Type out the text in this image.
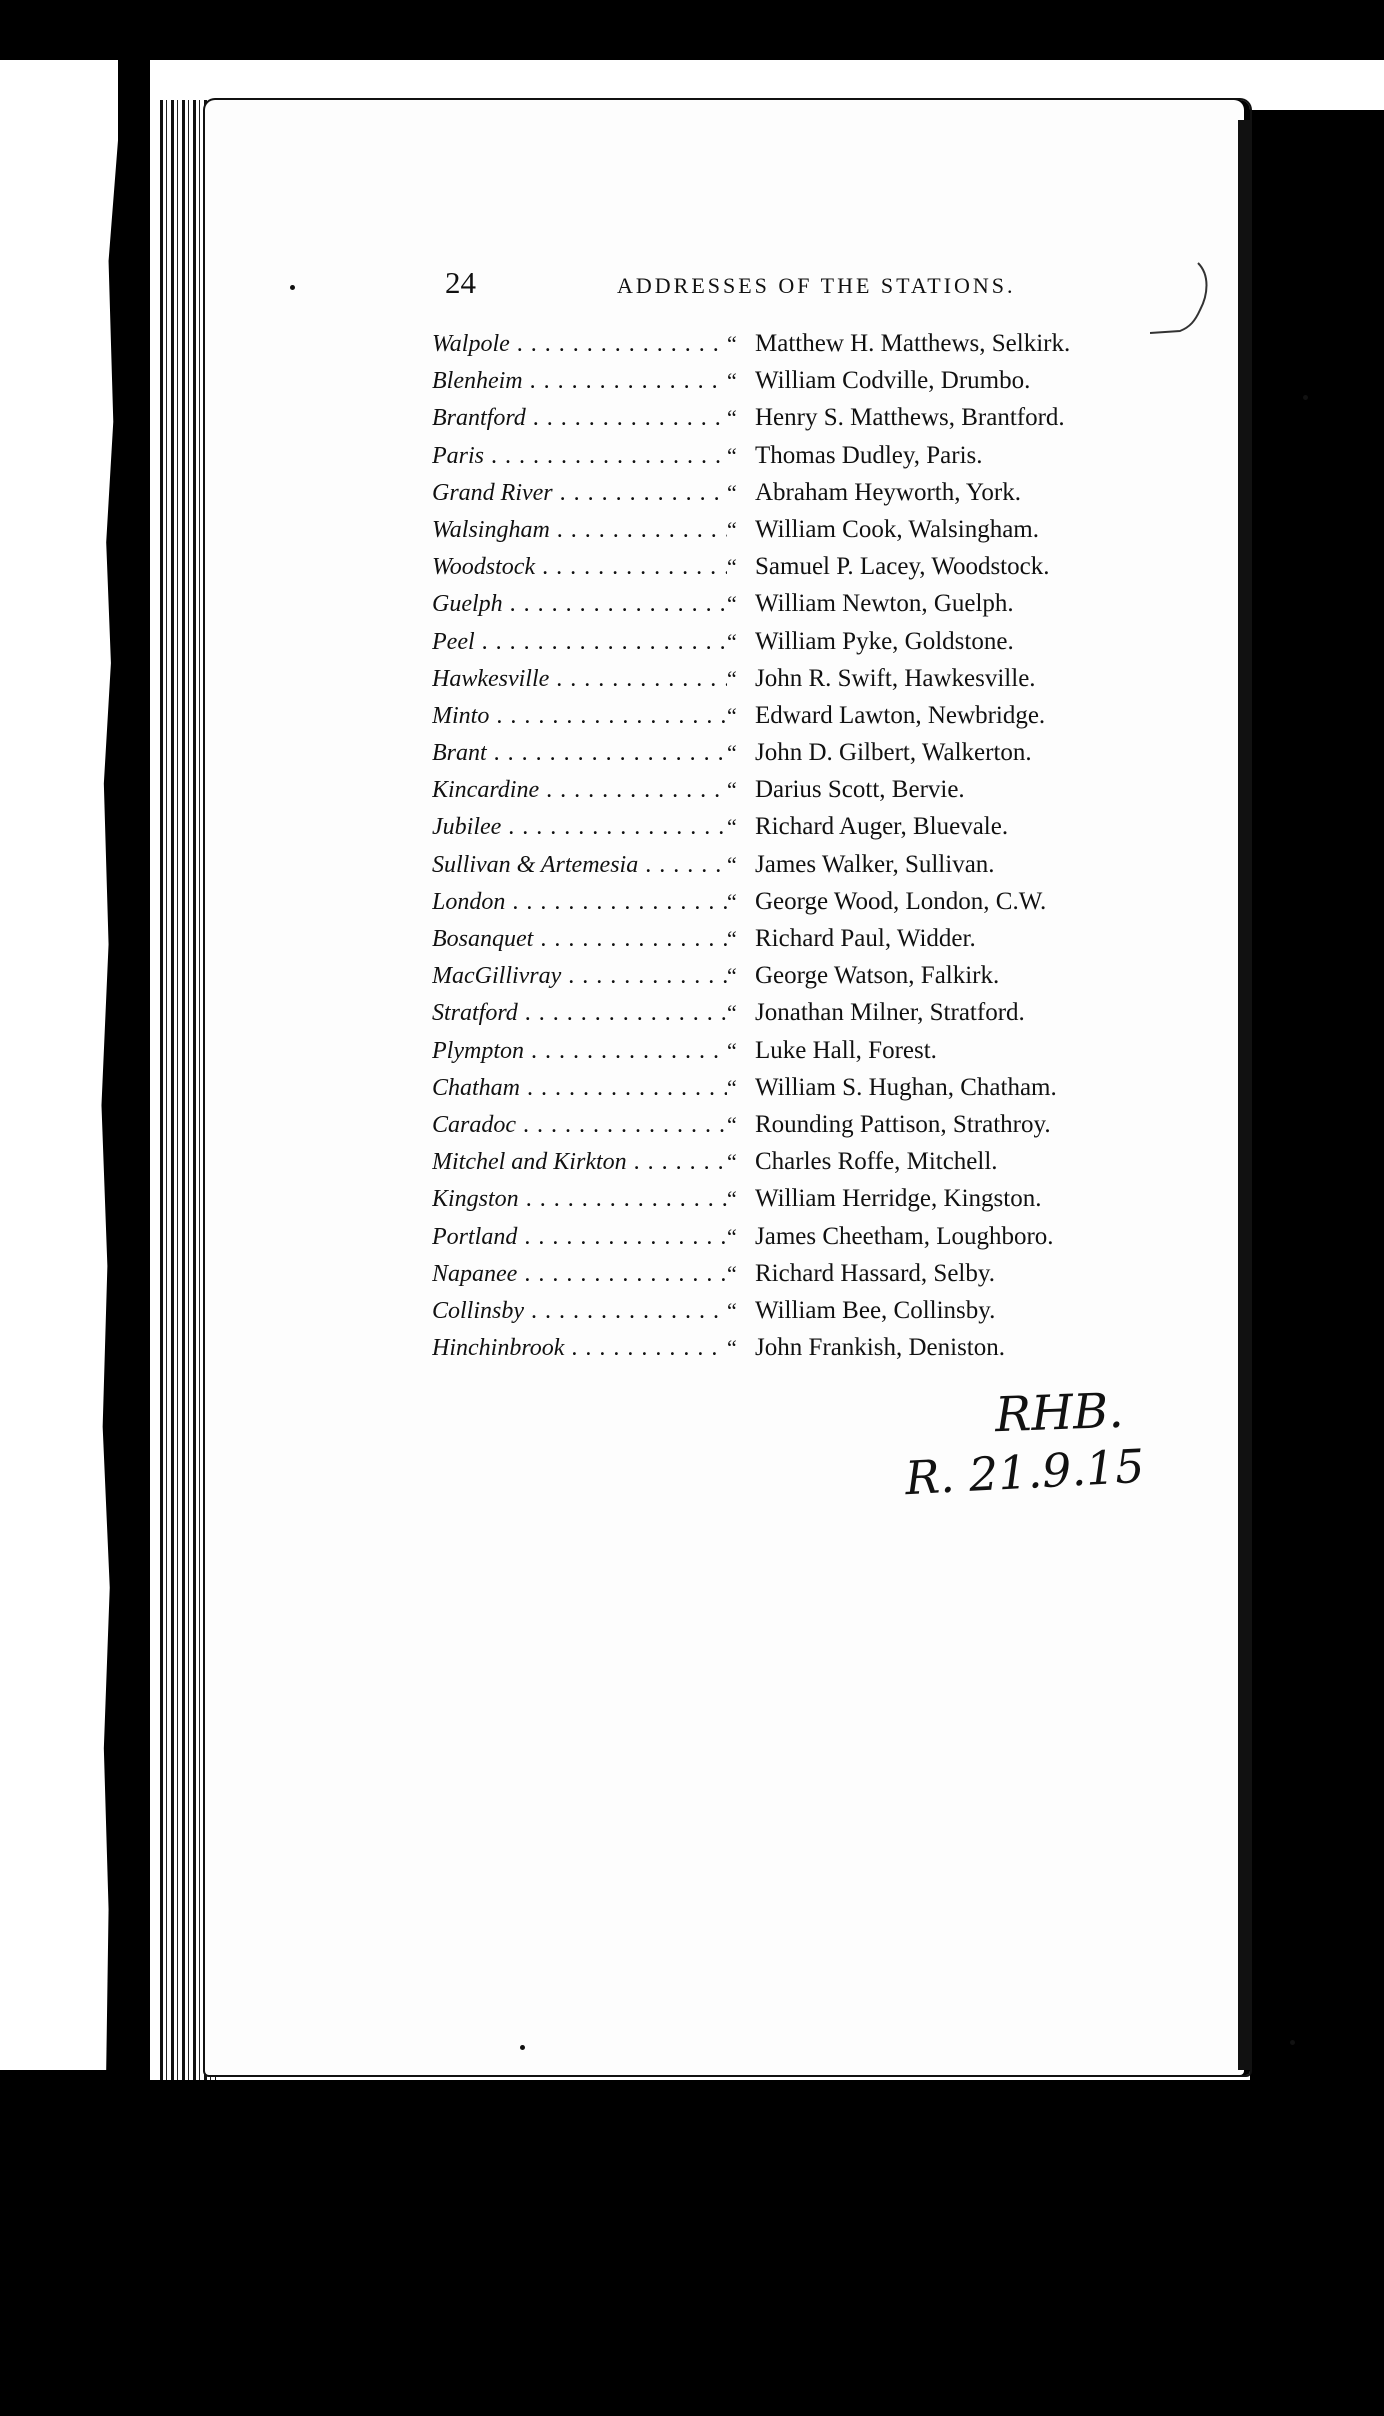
24	ADDRESSES OF THE STATIONS.
Walpole . . .	“ Matthew H. Matthews, Selkirk.
Blenheim . . .	“ William Codville, Drumbo.
Brantford . . .	“ Henry S. Matthews, Brantford.
Paris . . .	“ Thomas Dudley, Paris.
Grand River . . .	“ Abraham Heyworth, York.
Walsingham . . .	“ William Cook, Walsingham.
Woodstock . . .	“ Samuel P. Lacey, Woodstock.
Guelph . . .	“ William Newton, Guelph.
Peel . . .	“ William Pyke, Goldstone.
Hawkesville . . .	“ John R. Swift, Hawkesville.
Minto . . .	“ Edward Lawton, Newbridge.
Brant . . .	“ John D. Gilbert, Walkerton.
Kincardine . . .	“ Darius Scott, Bervie.
Jubilee . . .	“ Richard Auger, Bluevale.
Sullivan & Artemesia . . .	“ James Walker, Sullivan.
London . . .	“ George Wood, London, C.W.
Bosanquet . . .	“ Richard Paul, Widder.
MacGillivray . . .	“ George Watson, Falkirk.
Stratford . . .	“ Jonathan Milner, Stratford.
Plympton . . .	“ Luke Hall, Forest.
Chatham . . .	“ William S. Hughan, Chatham.
Caradoc . . .	“ Rounding Pattison, Strathroy.
Mitchel and Kirkton . . .	“ Charles Roffe, Mitchell.
Kingston . . .	“ William Herridge, Kingston.
Portland . . .	“ James Cheetham, Loughboro.
Napanee . . .	“ Richard Hassard, Selby.
Collinsby . . .	“ William Bee, Collinsby.
Hinchinbrook . . .	“ John Frankish, Deniston.
RHB.
R. 21.9.15
